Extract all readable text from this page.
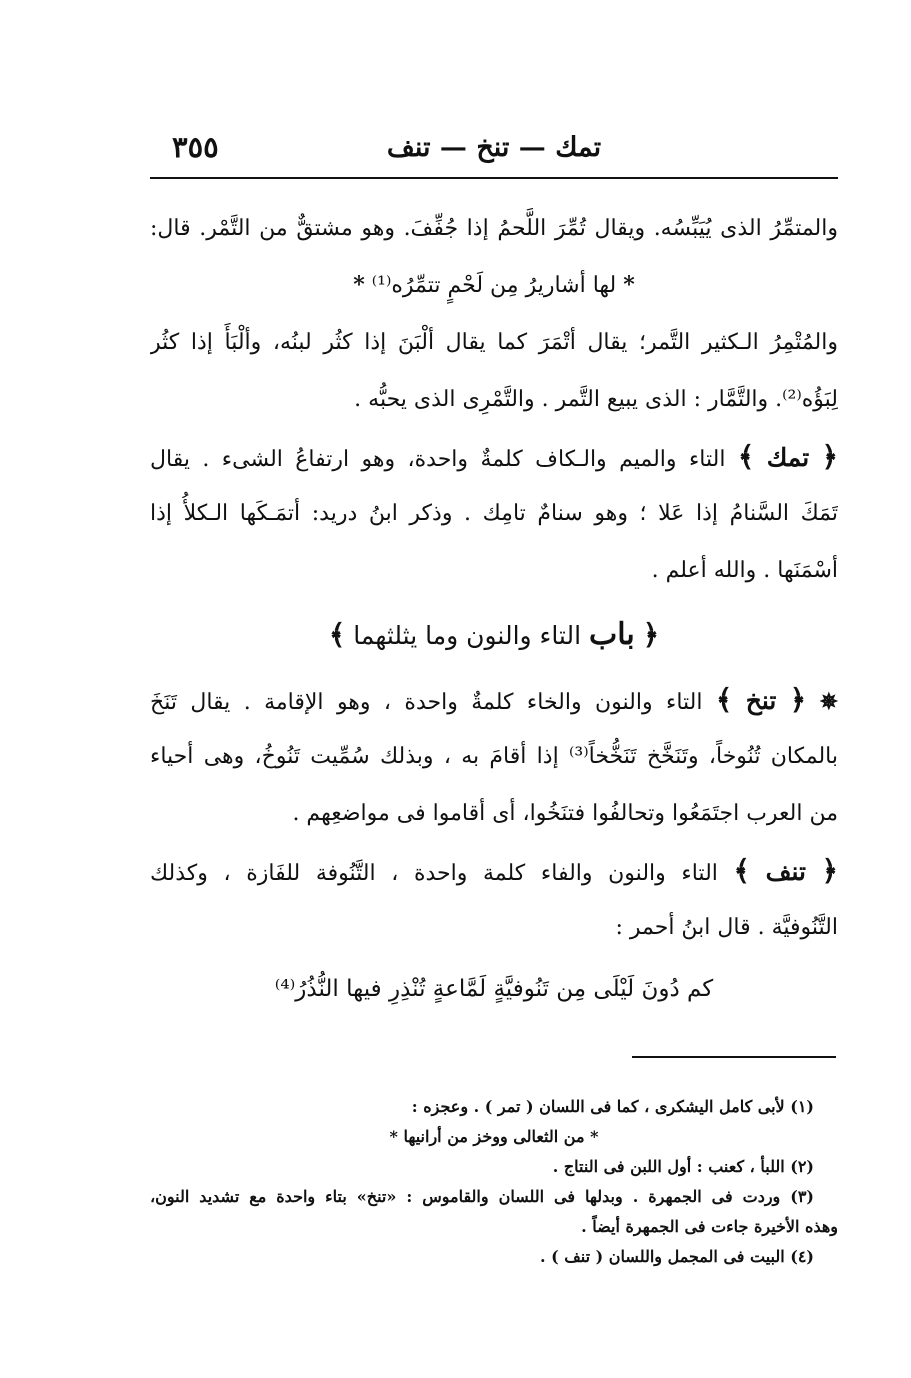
تمك — تنخ — تنف
٣٥٥
والمتمِّرُ الذى يُيَبِّسُه. ويقال تُمِّرَ اللَّحمُ إذا جُفِّفَ. وهو مشتقٌّ من التَّمْر. قال:
* لها أشاريرُ مِن لَحْمٍ تتمِّرُه⁽¹⁾ *
والمُتْمِرُ الـكثير التَّمر؛ يقال أتْمَرَ كما يقال ألْبَنَ إذا كثُر لبنُه، وألْبَأَ إذا كثُر
لِبَؤُه⁽²⁾. والتَّمَّار : الذى يبيع التَّمر . والتَّمْرِى الذى يحبُّه .
﴿ تمك ﴾ التاء والميم والـكاف كلمةٌ واحدة، وهو ارتفاعُ الشىء . يقال
تَمَكَ السَّنامُ إذا عَلا ؛ وهو سنامٌ تامِك . وذكر ابنُ دريد: أتمَـكَها الـكلأُ إذا
أسْمَنَها . والله أعلم .
﴿ باب التاء والنون وما يثلثهما ﴾
✵ ﴿ تنخ ﴾ التاء والنون والخاء كلمةٌ واحدة ، وهو الإقامة . يقال تَنَخَ
بالمكان تُنُوخاً، وتَنَخَّخ تَنَخُّخاً⁽³⁾ إذا أقامَ به ، وبذلك سُمِّيت تَنُوخُ، وهى أحياء
من العرب اجتَمَعُوا وتحالفُوا فتنَخُوا، أى أقاموا فى مواضعِهم .
﴿ تنف ﴾ التاء والنون والفاء كلمة واحدة ، التَّنُوفة للفَازة ، وكذلك
التَّنُوفيَّة . قال ابنُ أحمر :
كم دُونَ لَيْلَى مِن تَنُوفيَّةٍ لَمَّاعةٍ تُنْذِرِ فيها النُّذُرُ⁽⁴⁾
(١) لأبى كامل اليشكرى ، كما فى اللسان ( تمر ) . وعجزه :
* من الثعالى ووخز من أرانيها *
(٢) اللبأ ، كعنب : أول اللبن فى النتاج .
(٣) وردت فى الجمهرة . وبدلها فى اللسان والقاموس : «تنخ» بتاء واحدة مع تشديد النون،
وهذه الأخيرة جاءت فى الجمهرة أيضاً .
(٤) البيت فى المجمل واللسان ( تنف ) .
